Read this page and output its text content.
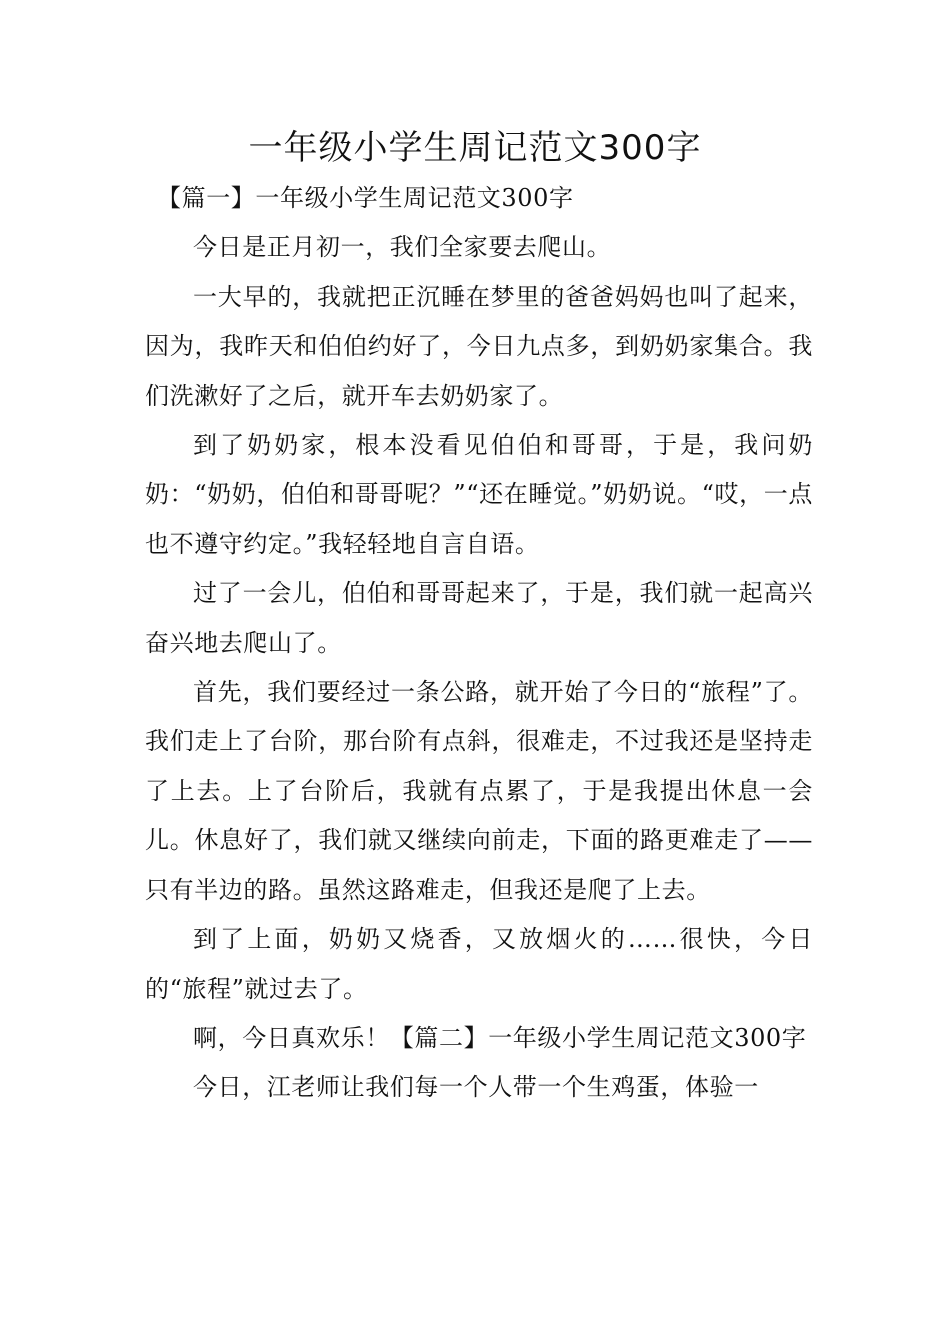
一年级小学生周记范文300字

【篇一】一年级小学生周记范文300字

今日是正月初一，我们全家要去爬山。

一大早的，我就把正沉睡在梦里的爸爸妈妈也叫了起来，因为，我昨天和伯伯约好了，今日九点多，到奶奶家集合。我们洗漱好了之后，就开车去奶奶家了。

到了奶奶家，根本没看见伯伯和哥哥，于是，我问奶奶：“奶奶，伯伯和哥哥呢？”“还在睡觉。”奶奶说。“哎，一点也不遵守约定。”我轻轻地自言自语。

过了一会儿，伯伯和哥哥起来了，于是，我们就一起高兴奋兴地去爬山了。

首先，我们要经过一条公路，就开始了今日的“旅程”了。我们走上了台阶，那台阶有点斜，很难走，不过我还是坚持走了上去。上了台阶后，我就有点累了，于是我提出休息一会儿。休息好了，我们就又继续向前走，下面的路更难走了——只有半边的路。虽然这路难走，但我还是爬了上去。

到了上面，奶奶又烧香，又放烟火的……很快，今日的“旅程”就过去了。

啊，今日真欢乐！【篇二】一年级小学生周记范文300字

今日，江老师让我们每一个人带一个生鸡蛋，体验一
